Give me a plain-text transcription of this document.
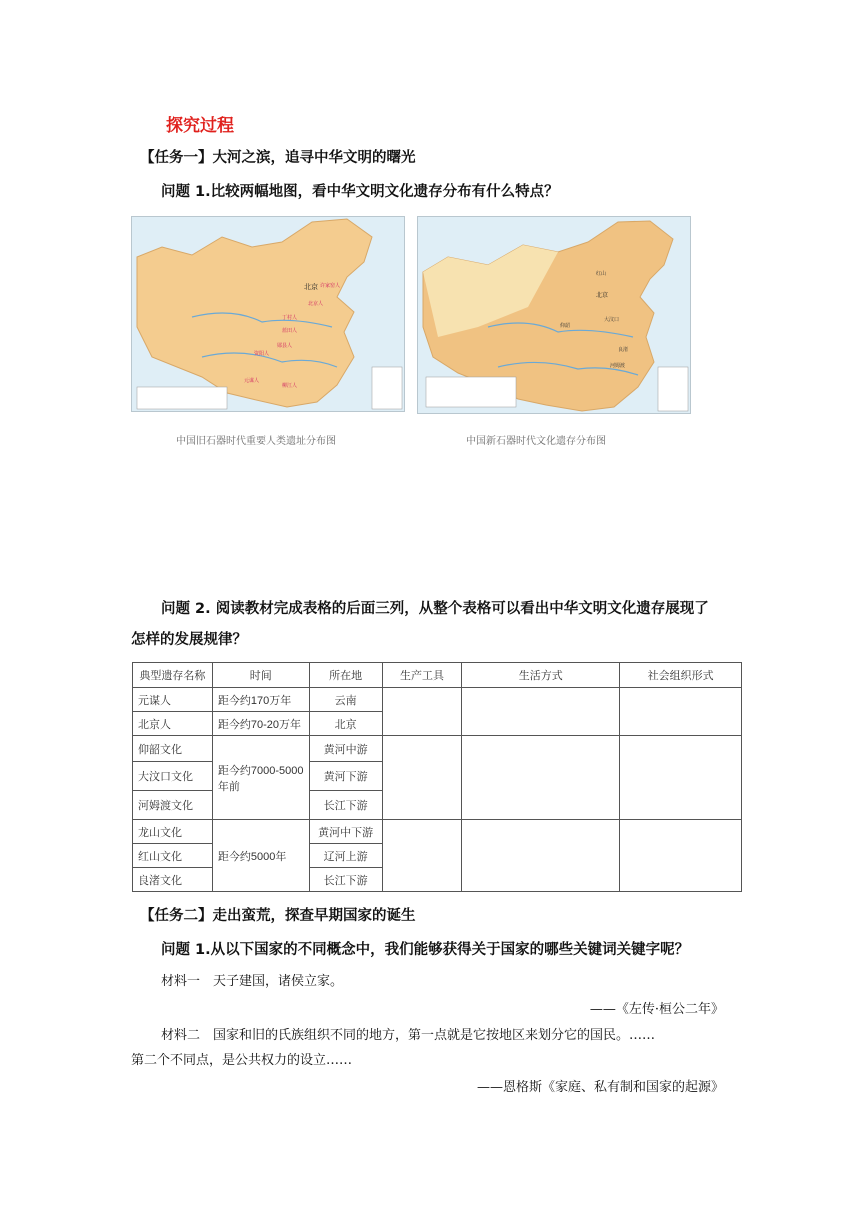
探究过程
【任务一】大河之滨，追寻中华文明的曙光
问题 1.比较两幅地图，看中华文明文化遗存分布有什么特点？
北京
北京人
丁村人
蓝田人
郧县人
元谋人
柳江人
资阳人
许家窑人
中国旧石器时代重要人类遗址分布图
红山
北京
仰韶
大汶口
河姆渡
良渚
中国新石器时代文化遗存分布图
问题 2. 阅读教材完成表格的后面三列，从整个表格可以看出中华文明文化遗存展现了
怎样的发展规律？
典型遗存名称	时间	所在地	生产工具	生活方式	社会组织形式
元谋人	距今约170万年	云南			
北京人	距今约70-20万年	北京			
仰韶文化	距今约7000-5000年前	黄河中游			
大汶口文化		黄河下游			
河姆渡文化		长江下游			
龙山文化	距今约5000年	黄河中下游			
红山文化		辽河上游			
良渚文化		长江下游			
【任务二】走出蛮荒，探查早期国家的诞生
问题 1.从以下国家的不同概念中，我们能够获得关于国家的哪些关键词关键字呢？
材料一　天子建国，诸侯立家。
——《左传·桓公二年》
材料二　国家和旧的氏族组织不同的地方，第一点就是它按地区来划分它的国民。……
第二个不同点，是公共权力的设立……
——恩格斯《家庭、私有制和国家的起源》
